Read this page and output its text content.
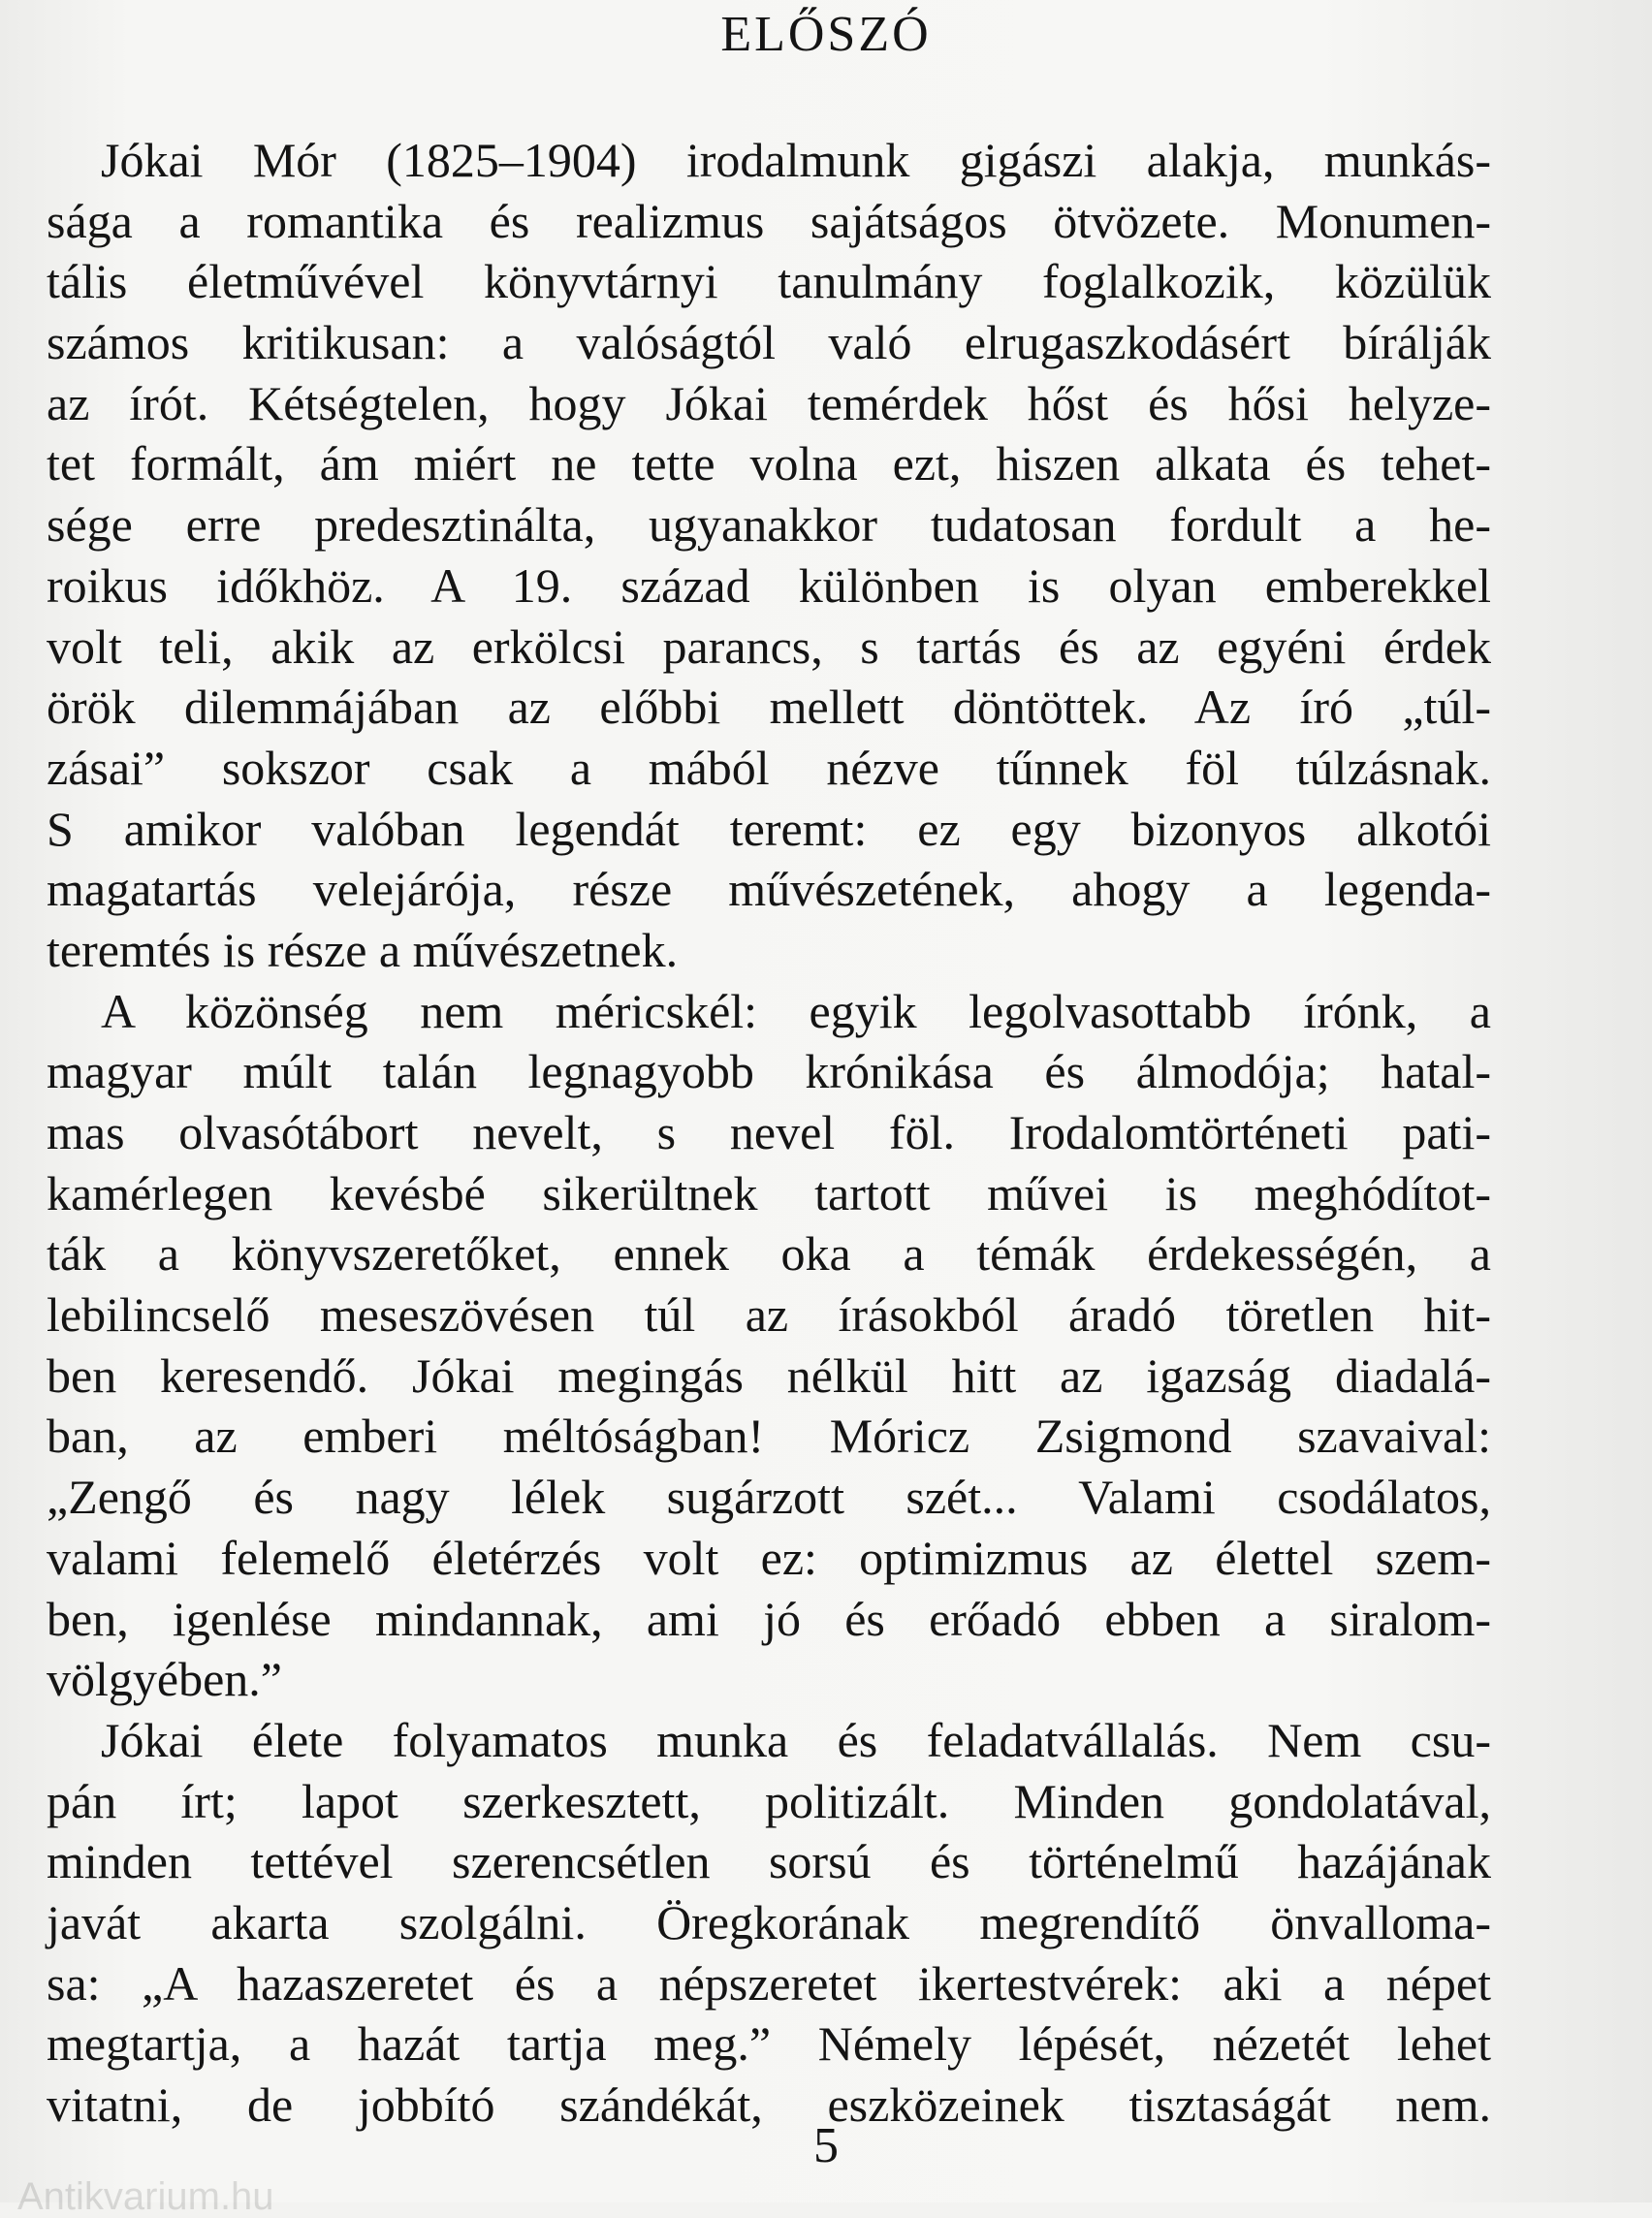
ELŐSZÓ
Jókai Mór (1825–1904) irodalmunk gigászi alakja, munkás-
sága a romantika és realizmus sajátságos ötvözete. Monumen-
tális életművével könyvtárnyi tanulmány foglalkozik, közülük
számos kritikusan: a valóságtól való elrugaszkodásért bírálják
az írót. Kétségtelen, hogy Jókai temérdek hőst és hősi helyze-
tet formált, ám miért ne tette volna ezt, hiszen alkata és tehet-
sége erre predesztinálta, ugyanakkor tudatosan fordult a he-
roikus időkhöz. A 19. század különben is olyan emberekkel
volt teli, akik az erkölcsi parancs, s tartás és az egyéni érdek
örök dilemmájában az előbbi mellett döntöttek. Az író „túl-
zásai” sokszor csak a mából nézve tűnnek föl túlzásnak.
S amikor valóban legendát teremt: ez egy bizonyos alkotói
magatartás velejárója, része művészetének, ahogy a legenda-
teremtés is része a művészetnek.
A közönség nem méricskél: egyik legolvasottabb írónk, a
magyar múlt talán legnagyobb krónikása és álmodója; hatal-
mas olvasótábort nevelt, s nevel föl. Irodalomtörténeti pati-
kamérlegen kevésbé sikerültnek tartott művei is meghódítot-
ták a könyvszeretőket, ennek oka a témák érdekességén, a
lebilincselő meseszövésen túl az írásokból áradó töretlen hit-
ben keresendő. Jókai megingás nélkül hitt az igazság diadalá-
ban, az emberi méltóságban! Móricz Zsigmond szavaival:
„Zengő és nagy lélek sugárzott szét... Valami csodálatos,
valami felemelő életérzés volt ez: optimizmus az élettel szem-
ben, igenlése mindannak, ami jó és erőadó ebben a siralom-
völgyében.”
Jókai élete folyamatos munka és feladatvállalás. Nem csu-
pán írt; lapot szerkesztett, politizált. Minden gondolatával,
minden tettével szerencsétlen sorsú és történelmű hazájának
javát akarta szolgálni. Öregkorának megrendítő önvalloma-
sa: „A hazaszeretet és a népszeretet ikertestvérek: aki a népet
megtartja, a hazát tartja meg.” Némely lépését, nézetét lehet
vitatni, de jobbító szándékát, eszközeinek tisztaságát nem.
5
Antikvarium.hu
